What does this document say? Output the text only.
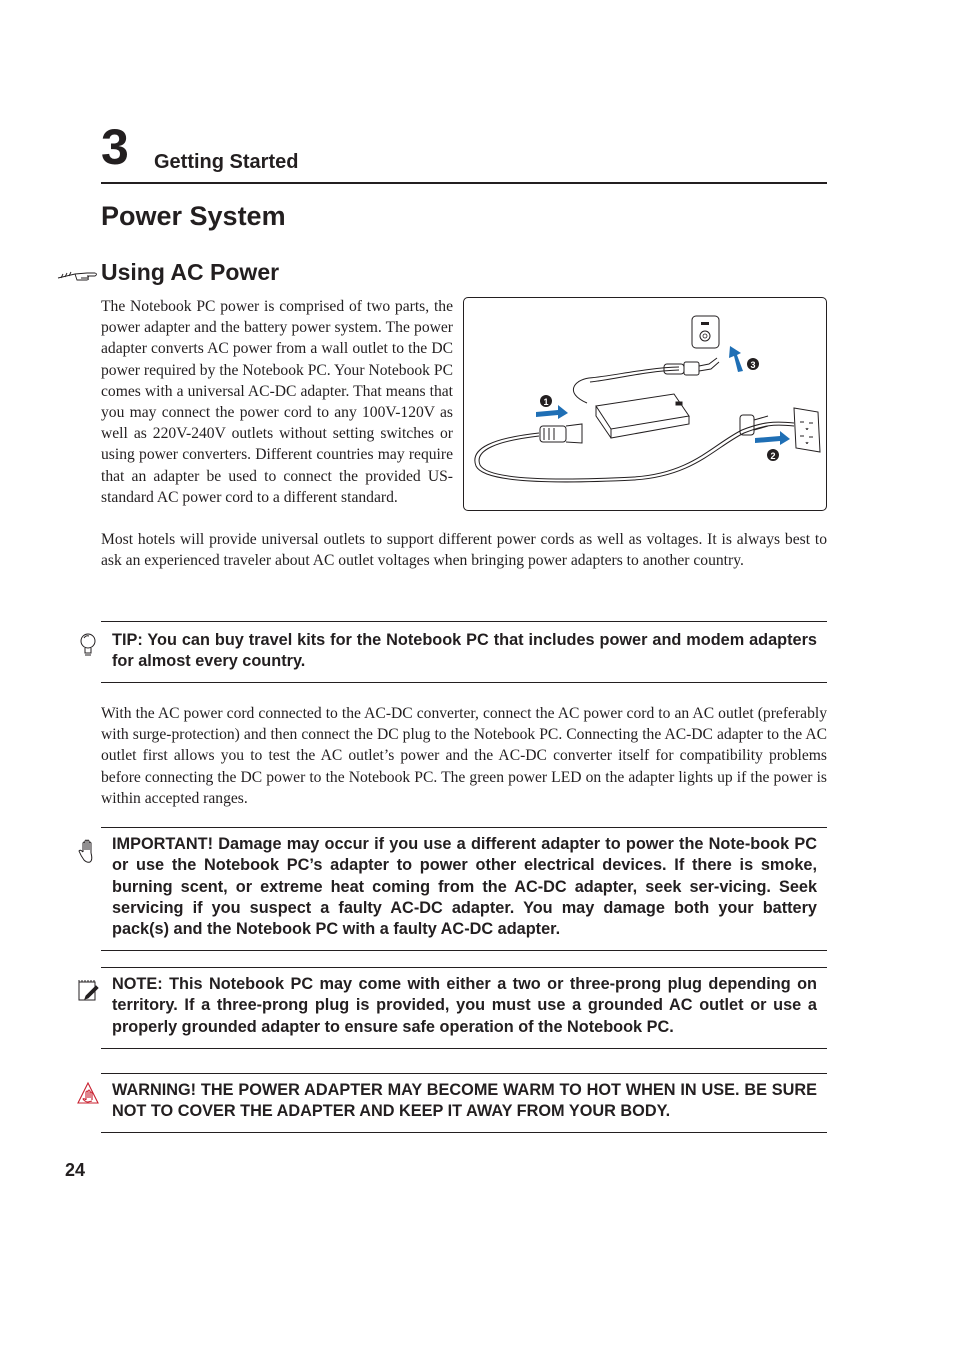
3 Getting Started
Power System
Using AC Power
The Notebook PC power is comprised of two parts, the power adapter and the battery power system. The power adapter converts AC power from a wall outlet to the DC power required by the Notebook PC. Your Notebook PC comes with a universal AC-DC adapter. That means that you may connect the power cord to any 100V-120V as well as 220V-240V outlets without setting switches or using power converters. Different countries may require that an adapter be used to connect the provided US-standard AC power cord to a different standard.
Most hotels will provide universal outlets to support different power cords as well as voltages. It is always best to ask an experienced traveler about AC outlet voltages when bringing power adapters to another country.
1
2
3
TIP: You can buy travel kits for the Notebook PC that includes power and modem adapters for almost every country.
With the AC power cord connected to the AC-DC converter, connect the AC power cord to an AC outlet (preferably with surge-protection) and then connect the DC plug to the Notebook PC. Connecting the AC-DC adapter to the AC outlet first allows you to test the AC outlet’s power and the AC-DC converter itself for compatibility problems before connecting the DC power to the Notebook PC. The green power LED on the adapter lights up if the power is within accepted ranges.
IMPORTANT! Damage may occur if you use a different adapter to power the Note-book PC or use the Notebook PC’s adapter to power other electrical devices. If there is smoke, burning scent, or extreme heat coming from the AC-DC adapter, seek ser-vicing. Seek servicing if you suspect a faulty AC-DC adapter. You may damage both your battery pack(s) and the Notebook PC with a faulty AC-DC adapter.
NOTE: This Notebook PC may come with either a two or three-prong plug depending on territory. If a three-prong plug is provided, you must use a grounded AC outlet or use a properly grounded adapter to ensure safe operation of the Notebook PC.
WARNING! THE POWER ADAPTER MAY BECOME WARM TO HOT WHEN IN USE. BE SURE NOT TO COVER THE ADAPTER AND KEEP IT AWAY FROM YOUR BODY.
24
